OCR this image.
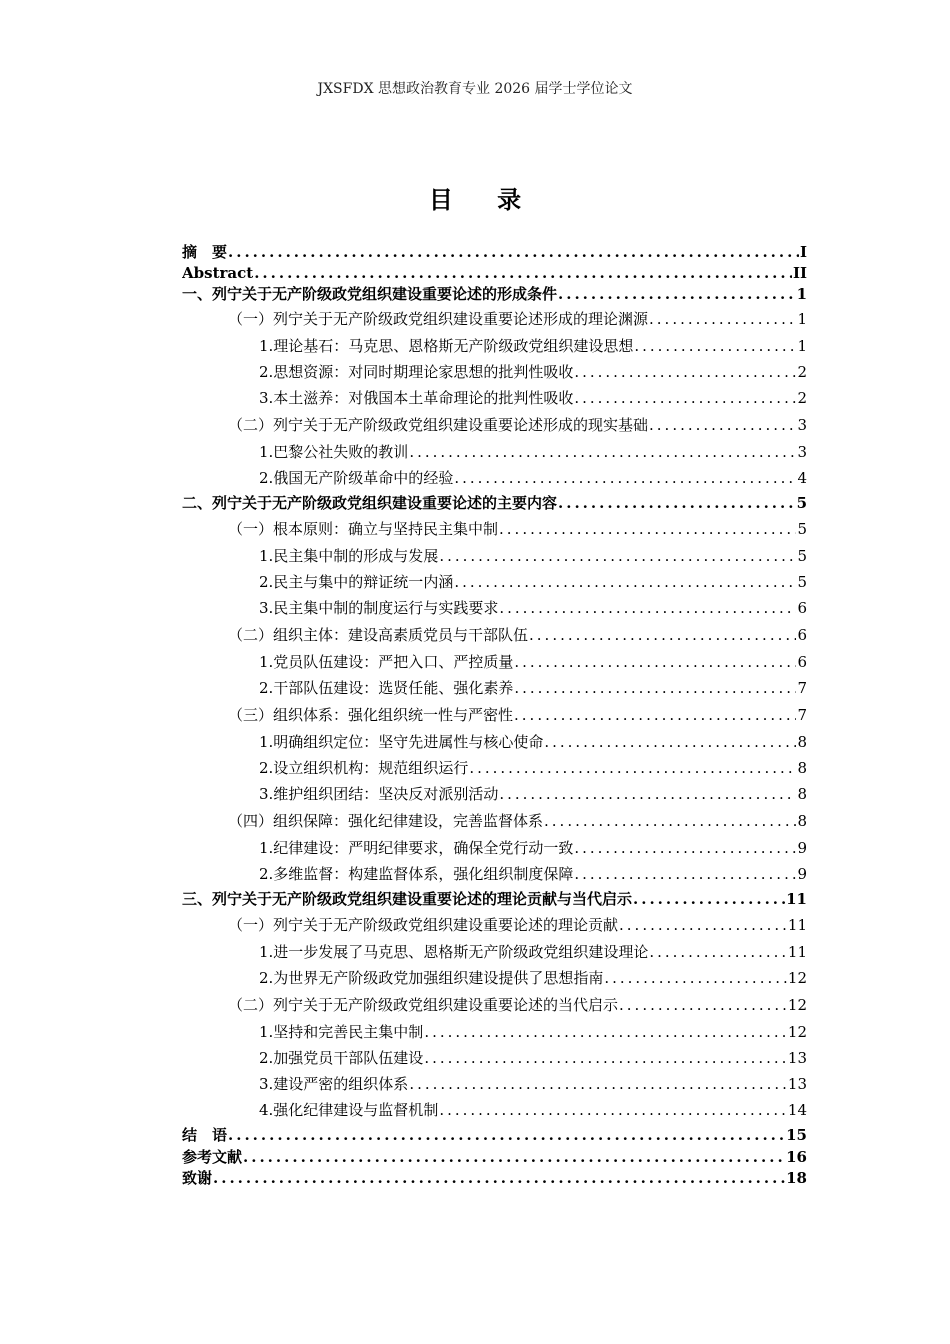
JXSFDX 思想政治教育专业 2026 届学士学位论文
目 录
摘　要 .....	I
Abstract .....	II
一、列宁关于无产阶级政党组织建设重要论述的形成条件 .....	1
（一）列宁关于无产阶级政党组织建设重要论述形成的理论渊源 .....	1
1.理论基石：马克思、恩格斯无产阶级政党组织建设思想 .....	1
2.思想资源：对同时期理论家思想的批判性吸收 .....	2
3.本土滋养：对俄国本土革命理论的批判性吸收 .....	2
（二）列宁关于无产阶级政党组织建设重要论述形成的现实基础 .....	3
1.巴黎公社失败的教训 .....	3
2.俄国无产阶级革命中的经验 .....	4
二、列宁关于无产阶级政党组织建设重要论述的主要内容 .....	5
（一）根本原则：确立与坚持民主集中制 .....	5
1.民主集中制的形成与发展 .....	5
2.民主与集中的辩证统一内涵 .....	5
3.民主集中制的制度运行与实践要求 .....	6
（二）组织主体：建设高素质党员与干部队伍 .....	6
1.党员队伍建设：严把入口、严控质量 .....	6
2.干部队伍建设：选贤任能、强化素养 .....	7
（三）组织体系：强化组织统一性与严密性 .....	7
1.明确组织定位：坚守先进属性与核心使命 .....	8
2.设立组织机构：规范组织运行 .....	8
3.维护组织团结：坚决反对派别活动 .....	8
（四）组织保障：强化纪律建设，完善监督体系 .....	8
1.纪律建设：严明纪律要求，确保全党行动一致 .....	9
2.多维监督：构建监督体系，强化组织制度保障 .....	9
三、列宁关于无产阶级政党组织建设重要论述的理论贡献与当代启示 .....	11
（一）列宁关于无产阶级政党组织建设重要论述的理论贡献 .....	11
1.进一步发展了马克思、恩格斯无产阶级政党组织建设理论 .....	11
2.为世界无产阶级政党加强组织建设提供了思想指南 .....	12
（二）列宁关于无产阶级政党组织建设重要论述的当代启示 .....	12
1.坚持和完善民主集中制 .....	12
2.加强党员干部队伍建设 .....	13
3.建设严密的组织体系 .....	13
4.强化纪律建设与监督机制 .....	14
结　语 .....	15
参考文献 .....	16
致谢 .....	18
